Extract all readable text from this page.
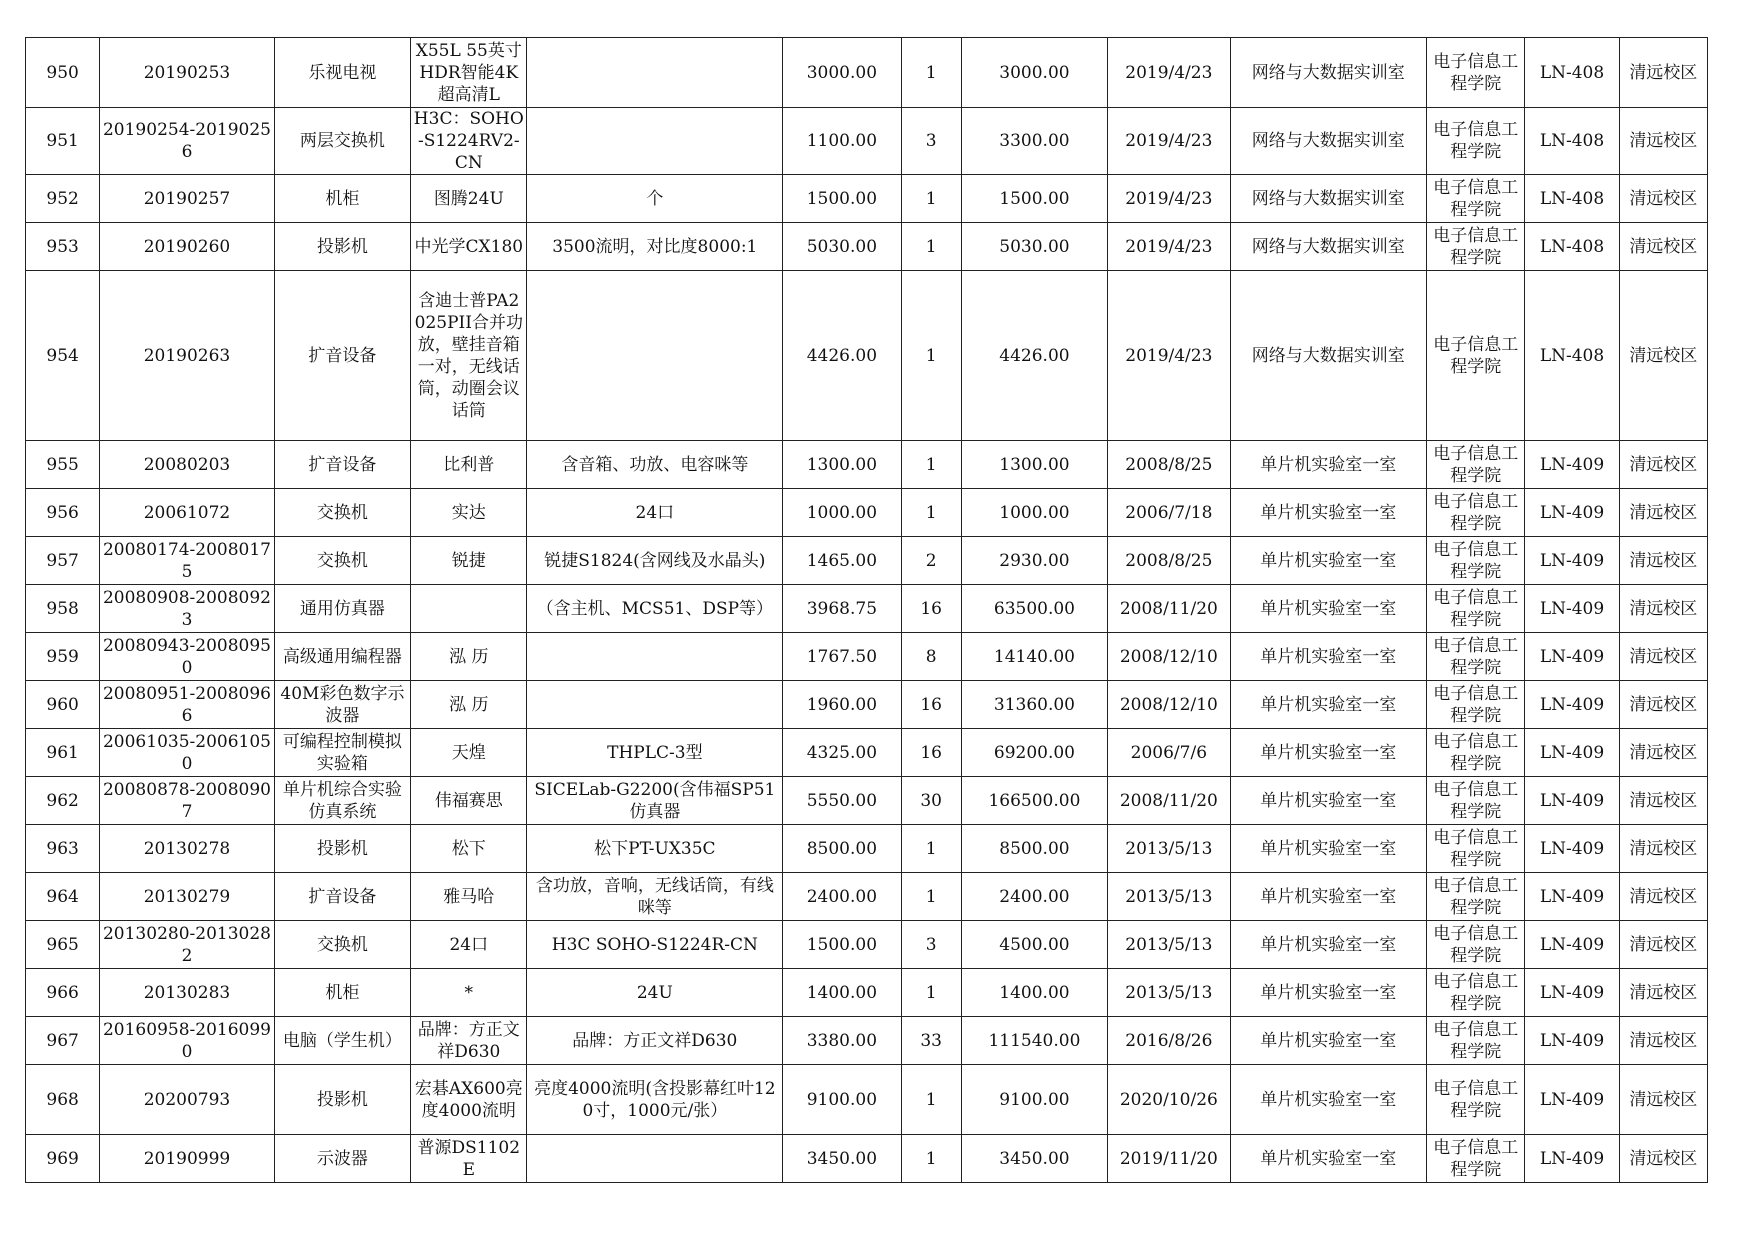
950	20190253	乐视电视	X55L 55英寸HDR智能4K超高清L		3000.00	1	3000.00	2019/4/23	网络与大数据实训室	电子信息工程学院	LN-408	清远校区
951	20190254-20190256	两层交换机	H3C：SOHO-S1224RV2-CN		1100.00	3	3300.00	2019/4/23	网络与大数据实训室	电子信息工程学院	LN-408	清远校区
952	20190257	机柜	图腾24U	个	1500.00	1	1500.00	2019/4/23	网络与大数据实训室	电子信息工程学院	LN-408	清远校区
953	20190260	投影机	中光学CX180	3500流明，对比度8000:1	5030.00	1	5030.00	2019/4/23	网络与大数据实训室	电子信息工程学院	LN-408	清远校区
954	20190263	扩音设备	含迪士普PA2025PII合并功放，壁挂音箱一对，无线话筒，动圈会议话筒		4426.00	1	4426.00	2019/4/23	网络与大数据实训室	电子信息工程学院	LN-408	清远校区
955	20080203	扩音设备	比利普	含音箱、功放、电容咪等	1300.00	1	1300.00	2008/8/25	单片机实验室一室	电子信息工程学院	LN-409	清远校区
956	20061072	交换机	实达	24口	1000.00	1	1000.00	2006/7/18	单片机实验室一室	电子信息工程学院	LN-409	清远校区
957	20080174-20080175	交换机	锐捷	锐捷S1824(含网线及水晶头)	1465.00	2	2930.00	2008/8/25	单片机实验室一室	电子信息工程学院	LN-409	清远校区
958	20080908-20080923	通用仿真器		（含主机、MCS51、DSP等）	3968.75	16	63500.00	2008/11/20	单片机实验室一室	电子信息工程学院	LN-409	清远校区
959	20080943-20080950	高级通用编程器	泓 历		1767.50	8	14140.00	2008/12/10	单片机实验室一室	电子信息工程学院	LN-409	清远校区
960	20080951-20080966	40M彩色数字示波器	泓 历		1960.00	16	31360.00	2008/12/10	单片机实验室一室	电子信息工程学院	LN-409	清远校区
961	20061035-20061050	可编程控制模拟实验箱	天煌	THPLC-3型	4325.00	16	69200.00	2006/7/6	单片机实验室一室	电子信息工程学院	LN-409	清远校区
962	20080878-20080907	单片机综合实验仿真系统	伟福赛思	SICELab-G2200(含伟福SP51仿真器	5550.00	30	166500.00	2008/11/20	单片机实验室一室	电子信息工程学院	LN-409	清远校区
963	20130278	投影机	松下	松下PT-UX35C	8500.00	1	8500.00	2013/5/13	单片机实验室一室	电子信息工程学院	LN-409	清远校区
964	20130279	扩音设备	雅马哈	含功放，音响，无线话筒，有线咪等	2400.00	1	2400.00	2013/5/13	单片机实验室一室	电子信息工程学院	LN-409	清远校区
965	20130280-20130282	交换机	24口	H3C SOHO-S1224R-CN	1500.00	3	4500.00	2013/5/13	单片机实验室一室	电子信息工程学院	LN-409	清远校区
966	20130283	机柜	*	24U	1400.00	1	1400.00	2013/5/13	单片机实验室一室	电子信息工程学院	LN-409	清远校区
967	20160958-20160990	电脑（学生机）	品牌：方正文祥D630	品牌：方正文祥D630	3380.00	33	111540.00	2016/8/26	单片机实验室一室	电子信息工程学院	LN-409	清远校区
968	20200793	投影机	宏碁AX600亮度4000流明	亮度4000流明(含投影幕红叶120寸，1000元/张）	9100.00	1	9100.00	2020/10/26	单片机实验室一室	电子信息工程学院	LN-409	清远校区
969	20190999	示波器	普源DS1102E		3450.00	1	3450.00	2019/11/20	单片机实验室一室	电子信息工程学院	LN-409	清远校区
